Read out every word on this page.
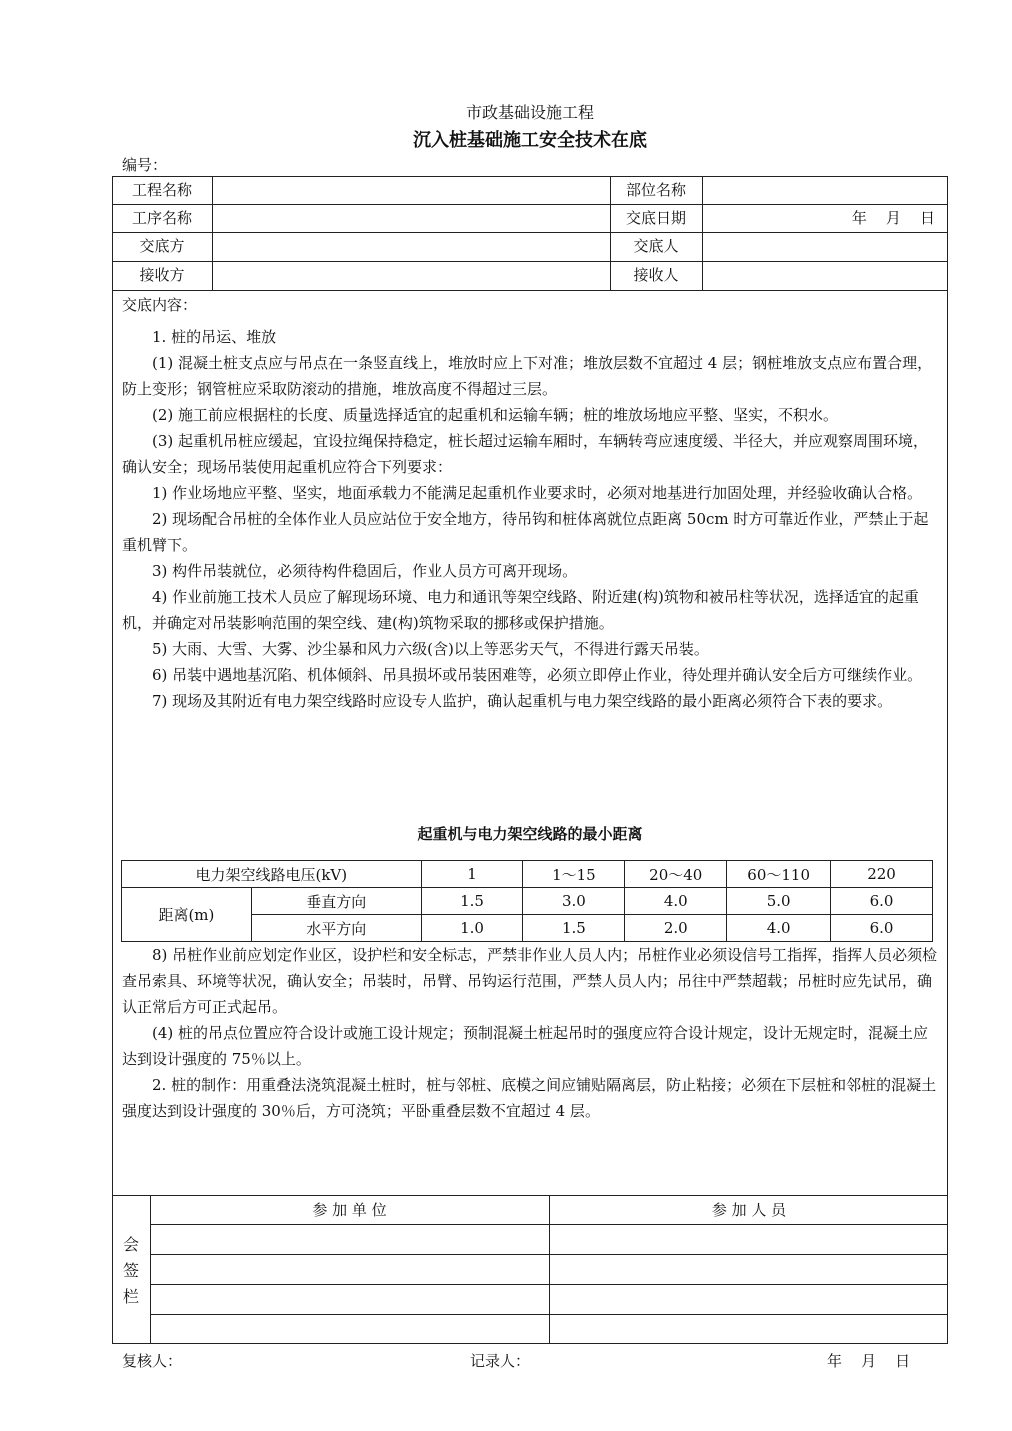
市政基础设施工程
沉入桩基础施工安全技术在底
编号：
工程名称	部位名称
工序名称	交底日期	年    月    日
交底方	交底人
接收方	接收人

交底内容：

1. 桩的吊运、堆放

(1) 混凝土桩支点应与吊点在一条竖直线上，堆放时应上下对准；堆放层数不宜超过 4 层；钢桩堆放支点应布置合理，防上变形；钢管桩应采取防滚动的措施，堆放高度不得超过三层。

(2) 施工前应根据柱的长度、质量选择适宜的起重机和运输车辆；桩的堆放场地应平整、坚实，不积水。

(3) 起重机吊桩应缓起，宜设拉绳保持稳定，桩长超过运输车厢时，车辆转弯应速度缓、半径大，并应观察周围环境，确认安全；现场吊装使用起重机应符合下列要求：

1) 作业场地应平整、坚实，地面承载力不能满足起重机作业要求时，必须对地基进行加固处理，并经验收确认合格。

2) 现场配合吊桩的全体作业人员应站位于安全地方，待吊钩和桩体离就位点距离 50cm 时方可靠近作业，严禁止于起重机臂下。

3) 构件吊装就位，必须待构件稳固后，作业人员方可离开现场。

4) 作业前施工技术人员应了解现场环境、电力和通讯等架空线路、附近建(构)筑物和被吊柱等状况，选择适宜的起重机，并确定对吊装影响范围的架空线、建(构)筑物采取的挪移或保护措施。

5) 大雨、大雪、大雾、沙尘暴和风力六级(含)以上等恶劣天气，不得进行露天吊装。

6) 吊装中遇地基沉陷、机体倾斜、吊具损坏或吊装困难等，必须立即停止作业，待处理并确认安全后方可继续作业。

7) 现场及其附近有电力架空线路时应设专人监护，确认起重机与电力架空线路的最小距离必须符合下表的要求。

起重机与电力架空线路的最小距离
电力架空线路电压(kV)		1	1～15	20～40	60～110	220
距离(m)	垂直方向	1.5	3.0	4.0	5.0	6.0
	水平方向	1.0	1.5	2.0	4.0	6.0

8) 吊桩作业前应划定作业区，设护栏和安全标志，严禁非作业人员人内；吊桩作业必须设信号工指挥，指挥人员必须检查吊索具、环境等状况，确认安全；吊装时，吊臂、吊钩运行范围，严禁人员人内；吊往中严禁超载；吊桩时应先试吊，确认正常后方可正式起吊。

(4) 桩的吊点位置应符合设计或施工设计规定；预制混凝土桩起吊时的强度应符合设计规定，设计无规定时，混凝土应达到设计强度的 75％以上。

2. 桩的制作：用重叠法浇筑混凝土桩时，桩与邻桩、底模之间应铺贴隔离层，防止粘接；必须在下层桩和邻桩的混凝土强度达到设计强度的 30％后，方可浇筑；平卧重叠层数不宜超过 4 层。

会
签
栏
参 加 单 位	参 加 人 员
复核人：	记录人：	年    月    日
